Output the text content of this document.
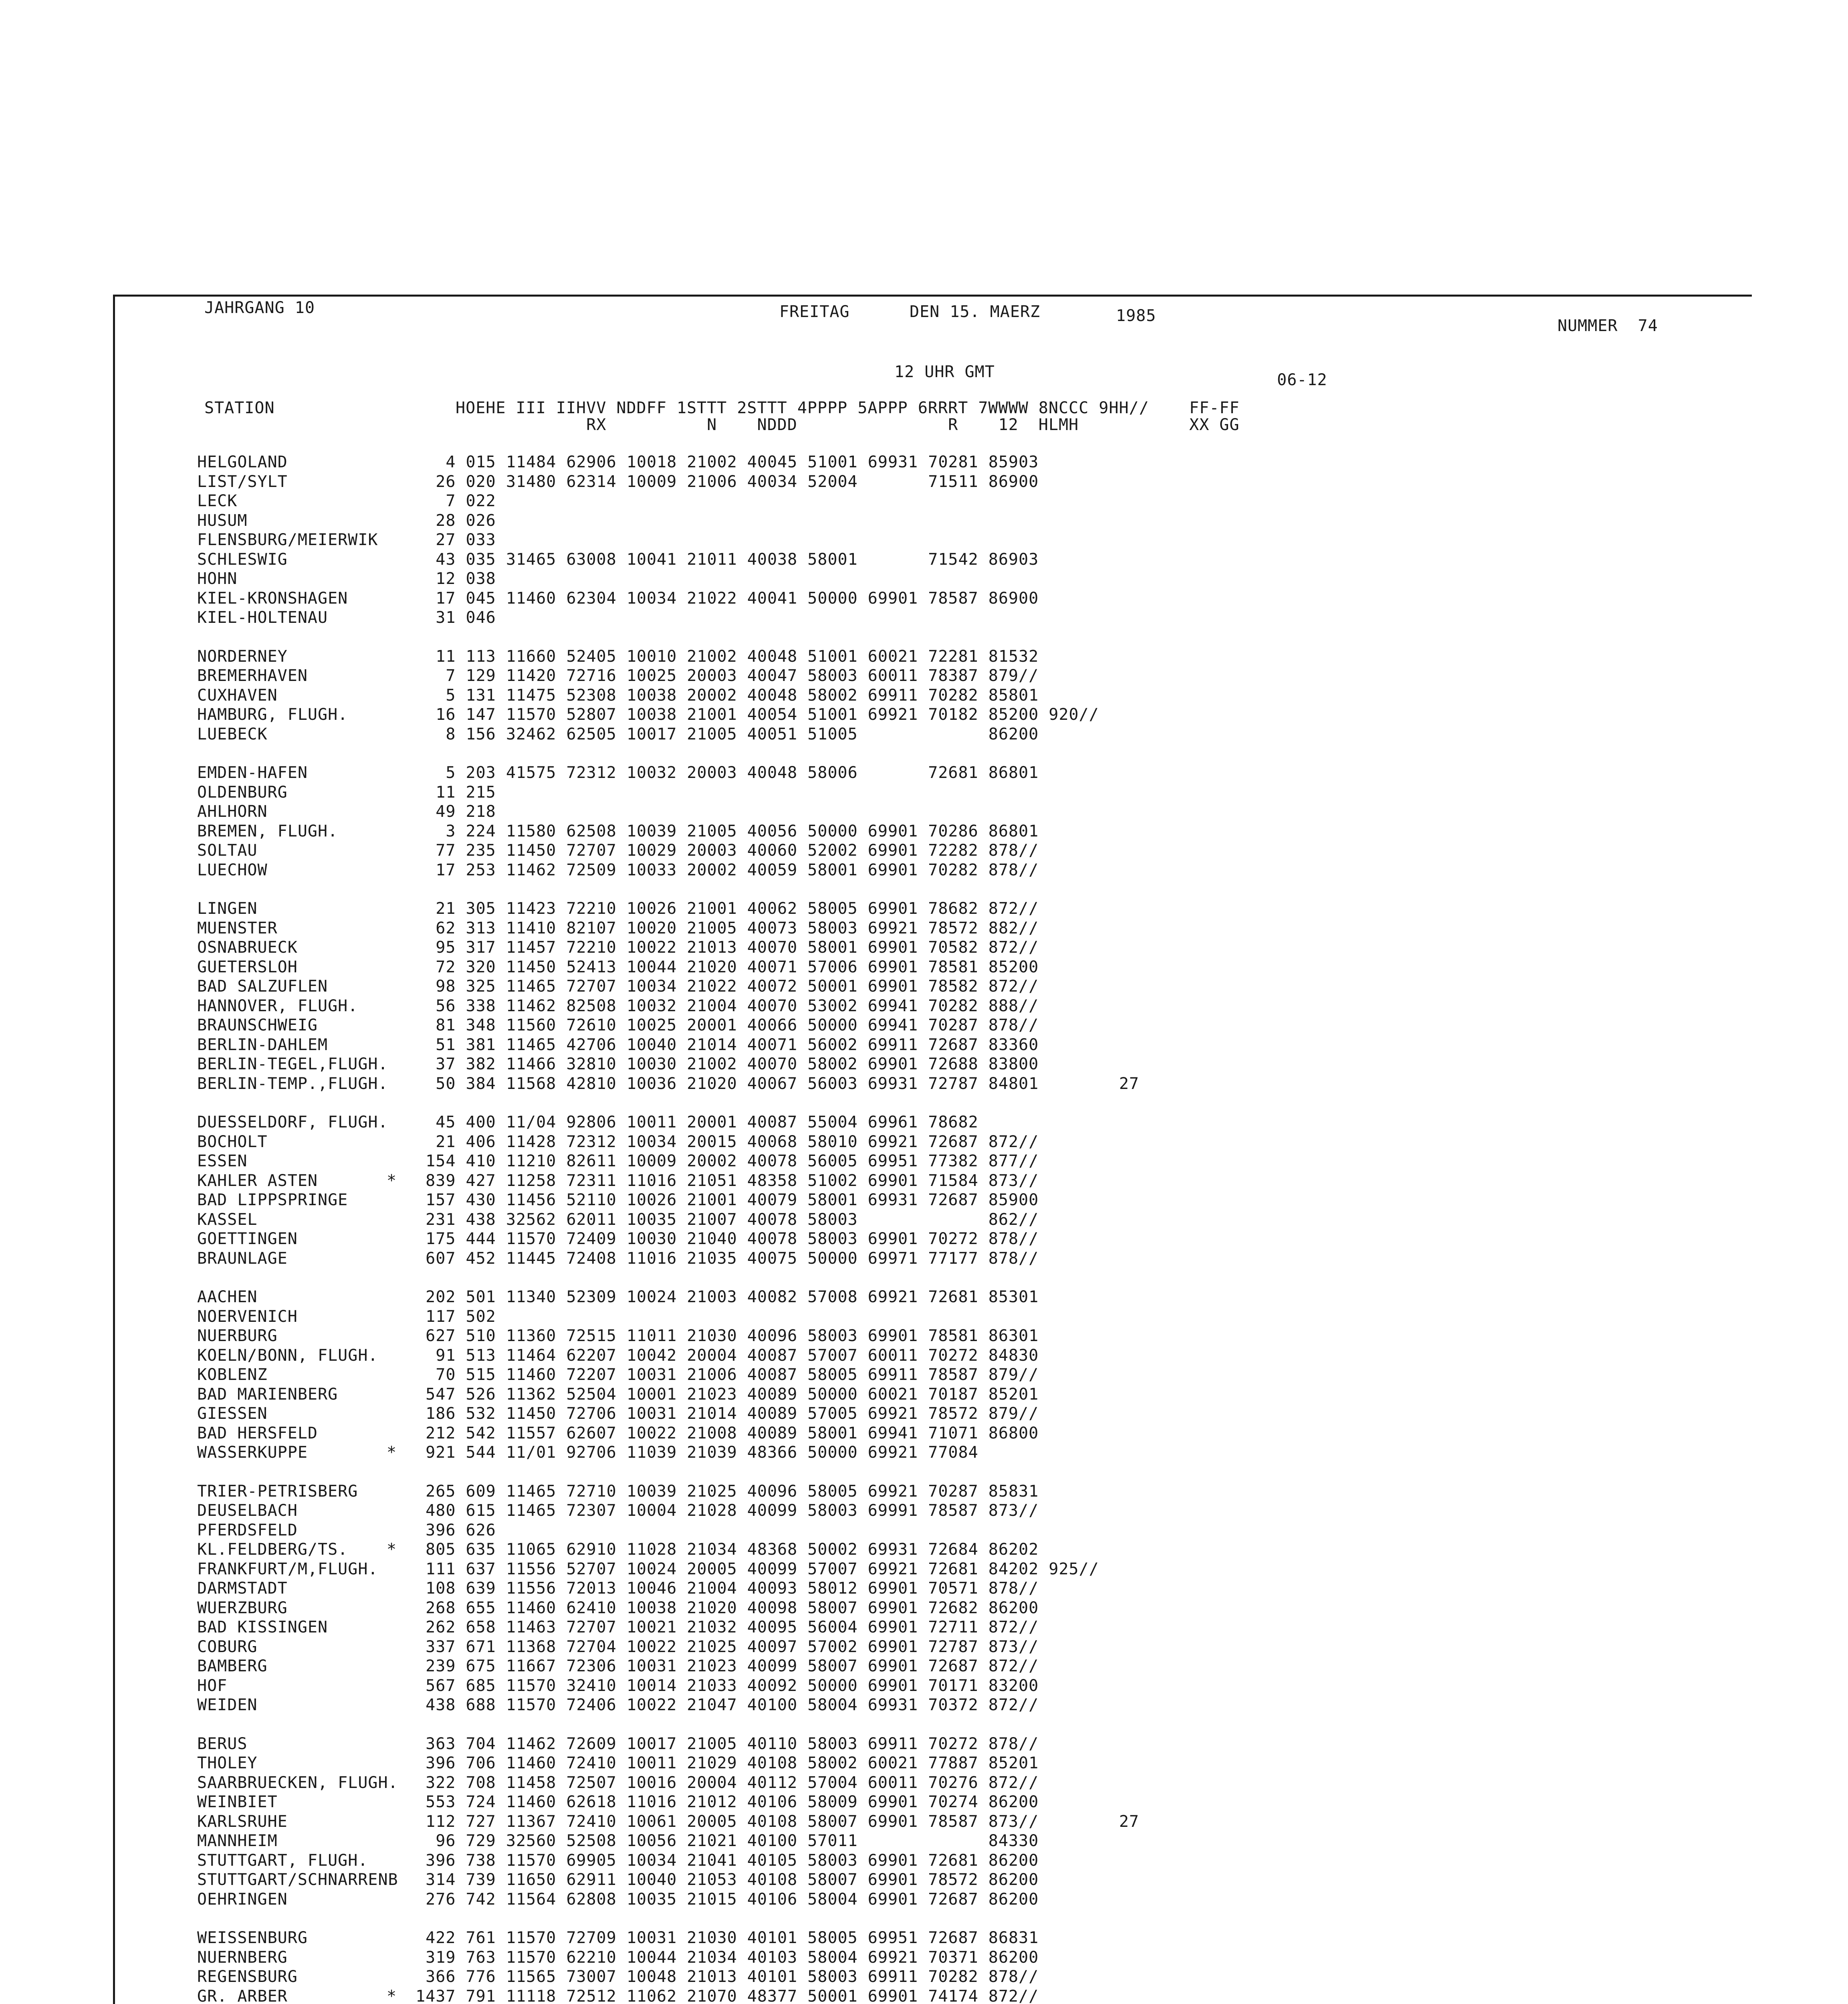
JAHRGANG 10	FREITAG	DEN 15. MAERZ	1985
NUMMER  74
12 UHR GMT	06-12
STATION                  HOEHE III IIHVV NDDFF 1STTT 2STTT 4PPPP 5APPP 6RRRT 7WWWW 8NCCC 9HH//    FF-FF
RX          N    NDDD               R    12  HLMH           XX GG
HELGOLAND	4 015 11484 62906 10018 21002 40045 51001 69931 70281 85903
LIST/SYLT	26 020 31480 62314 10009 21006 40034 52004       71511 86900
LECK	7 022
HUSUM	28 026
FLENSBURG/MEIERWIK 27 033
SCHLESWIG	43 035 31465 63008 10041 21011 40038 58001       71542 86903
HOHN	12 038
KIEL-KRONSHAGEN	17 045 11460 62304 10034 21022 40041 50000 69901 78587 86900
KIEL-HOLTENAU	31 046
NORDERNEY	11 113 11660 52405 10010 21002 40048 51001 60021 72281 81532
BREMERHAVEN	7 129 11420 72716 10025 20003 40047 58003 60011 78387 879//
CUXHAVEN	5 131 11475 52308 10038 20002 40048 58002 69911 70282 85801
HAMBURG, FLUGH.	16 147 11570 52807 10038 21001 40054 51001 69921 70182 85200 920//
LUEBECK	8 156 32462 62505 10017 21005 40051 51005             86200
EMDEN-HAFEN	5 203 41575 72312 10032 20003 40048 58006       72681 86801
OLDENBURG	11 215
AHLHORN	49 218
BREMEN, FLUGH.	3 224 11580 62508 10039 21005 40056 50000 69901 70286 86801
SOLTAU	77 235 11450 72707 10029 20003 40060 52002 69901 72282 878//
LUECHOW	17 253 11462 72509 10033 20002 40059 58001 69901 70282 878//
LINGEN	21 305 11423 72210 10026 21001 40062 58005 69901 78682 872//
MUENSTER	62 313 11410 82107 10020 21005 40073 58003 69921 78572 882//
OSNABRUECK	95 317 11457 72210 10022 21013 40070 58001 69901 70582 872//
GUETERSLOH	72 320 11450 52413 10044 21020 40071 57006 69901 78581 85200
BAD SALZUFLEN	98 325 11465 72707 10034 21022 40072 50001 69901 78582 872//
HANNOVER, FLUGH.	56 338 11462 82508 10032 21004 40070 53002 69941 70282 888//
BRAUNSCHWEIG	81 348 11560 72610 10025 20001 40066 50000 69941 70287 878//
BERLIN-DAHLEM	51 381 11465 42706 10040 21014 40071 56002 69911 72687 83360
BERLIN-TEGEL,FLUGH. 37 382 11466 32810 10030 21002 40070 58002 69901 72688 83800
BERLIN-TEMP.,FLUGH. 50 384 11568 42810 10036 21020 40067 56003 69931 72787 84801        27
DUESSELDORF, FLUGH. 45 400 11/04 92806 10011 20001 40087 55004 69961 78682
BOCHOLT	21 406 11428 72312 10034 20015 40068 58010 69921 72687 872//
ESSEN	154 410 11210 82611 10009 20002 40078 56005 69951 77382 877//
KAHLER ASTEN	* 839 427 11258 72311 11016 21051 48358 51002 69901 71584 873//
BAD LIPPSPRINGE	157 430 11456 52110 10026 21001 40079 58001 69931 72687 85900
KASSEL	231 438 32562 62011 10035 21007 40078 58003             862//
GOETTINGEN	175 444 11570 72409 10030 21040 40078 58003 69901 70272 878//
BRAUNLAGE	607 452 11445 72408 11016 21035 40075 50000 69971 77177 878//
AACHEN	202 501 11340 52309 10024 21003 40082 57008 69921 72681 85301
NOERVENICH	117 502
NUERBURG	627 510 11360 72515 11011 21030 40096 58003 69901 78581 86301
KOELN/BONN, FLUGH. 91 513 11464 62207 10042 20004 40087 57007 60011 70272 84830
KOBLENZ	70 515 11460 72207 10031 21006 40087 58005 69911 78587 879//
BAD MARIENBERG	547 526 11362 52504 10001 21023 40089 50000 60021 70187 85201
GIESSEN	186 532 11450 72706 10031 21014 40089 57005 69921 78572 879//
BAD HERSFELD	212 542 11557 62607 10022 21008 40089 58001 69941 71071 86800
WASSERKUPPE	* 921 544 11/01 92706 11039 21039 48366 50000 69921 77084
TRIER-PETRISBERG	265 609 11465 72710 10039 21025 40096 58005 69921 70287 85831
DEUSELBACH	480 615 11465 72307 10004 21028 40099 58003 69991 78587 873//
PFERDSFELD	396 626
KL.FELDBERG/TS. * 805 635 11065 62910 11028 21034 48368 50002 69931 72684 86202
FRANKFURT/M,FLUGH. 111 637 11556 52707 10024 20005 40099 57007 69921 72681 84202 925//
DARMSTADT	108 639 11556 72013 10046 21004 40093 58012 69901 70571 878//
WUERZBURG	268 655 11460 62410 10038 21020 40098 58007 69901 72682 86200
BAD KISSINGEN	262 658 11463 72707 10021 21032 40095 56004 69901 72711 872//
COBURG	337 671 11368 72704 10022 21025 40097 57002 69901 72787 873//
BAMBERG	239 675 11667 72306 10031 21023 40099 58007 69901 72687 872//
HOF	567 685 11570 32410 10014 21033 40092 50000 69901 70171 83200
WEIDEN	438 688 11570 72406 10022 21047 40100 58004 69931 70372 872//
BERUS	363 704 11462 72609 10017 21005 40110 58003 69911 70272 878//
THOLEY	396 706 11460 72410 10011 21029 40108 58002 60021 77887 85201
SAARBRUECKEN, FLUGH. 322 708 11458 72507 10016 20004 40112 57004 60011 70276 872//
WEINBIET	553 724 11460 62618 11016 21012 40106 58009 69901 70274 86200
KARLSRUHE	112 727 11367 72410 10061 20005 40108 58007 69901 78587 873//        27
MANNHEIM	96 729 32560 52508 10056 21021 40100 57011             84330
STUTTGART, FLUGH. 396 738 11570 69905 10034 21041 40105 58003 69901 72681 86200
STUTTGART/SCHNARRENB 314 739 11650 62911 10040 21053 40108 58007 69901 78572 86200
OEHRINGEN	276 742 11564 62808 10035 21015 40106 58004 69901 72687 86200
WEISSENBURG	422 761 11570 72709 10031 21030 40101 58005 69951 72687 86831
NUERNBERG	319 763 11570 62210 10044 21034 40103 58004 69921 70371 86200
REGENSBURG	366 776 11565 73007 10048 21013 40101 58003 69911 70282 878//
GR. ARBER	* 1437 791 11118 72512 11062 21070 48377 50001 69901 74174 872//
